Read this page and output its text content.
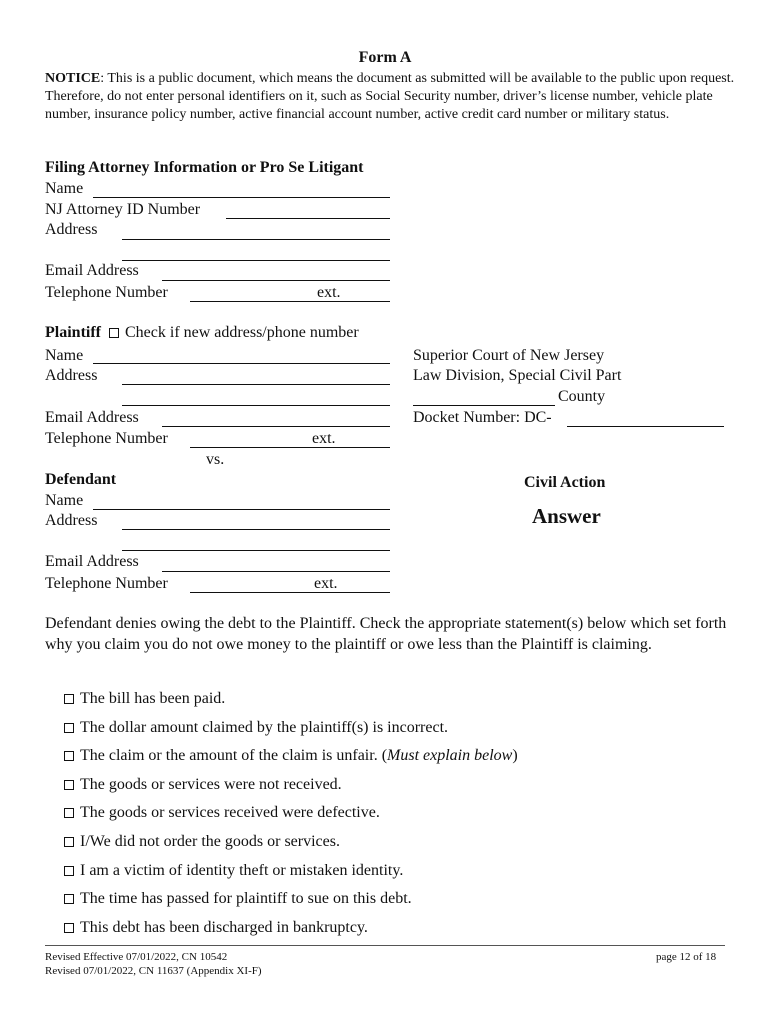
Form A
NOTICE: This is a public document, which means the document as submitted will be available to the public upon request. Therefore, do not enter personal identifiers on it, such as Social Security number, driver’s license number, vehicle plate number, insurance policy number, active financial account number, active credit card number or military status.
Filing Attorney Information or Pro Se Litigant
Name
NJ Attorney ID Number
Address
Email Address
Telephone Number	ext.
Plaintiff Check if new address/phone number
Name
Address
Email Address
Telephone Number	ext.
Superior Court of New Jersey
Law Division, Special Civil Part
County
Docket Number: DC-
vs.
Defendant
Name
Address
Email Address
Telephone Number	ext.
Civil Action
Answer
Defendant denies owing the debt to the Plaintiff. Check the appropriate statement(s) below which set forth why you claim you do not owe money to the plaintiff or owe less than the Plaintiff is claiming.
The bill has been paid.
The dollar amount claimed by the plaintiff(s) is incorrect.
The claim or the amount of the claim is unfair. (Must explain below)
The goods or services were not received.
The goods or services received were defective.
I/We did not order the goods or services.
I am a victim of identity theft or mistaken identity.
The time has passed for plaintiff to sue on this debt.
This debt has been discharged in bankruptcy.
Revised Effective 07/01/2022, CN 10542
Revised 07/01/2022, CN 11637 (Appendix XI-F)
page 12 of 18
